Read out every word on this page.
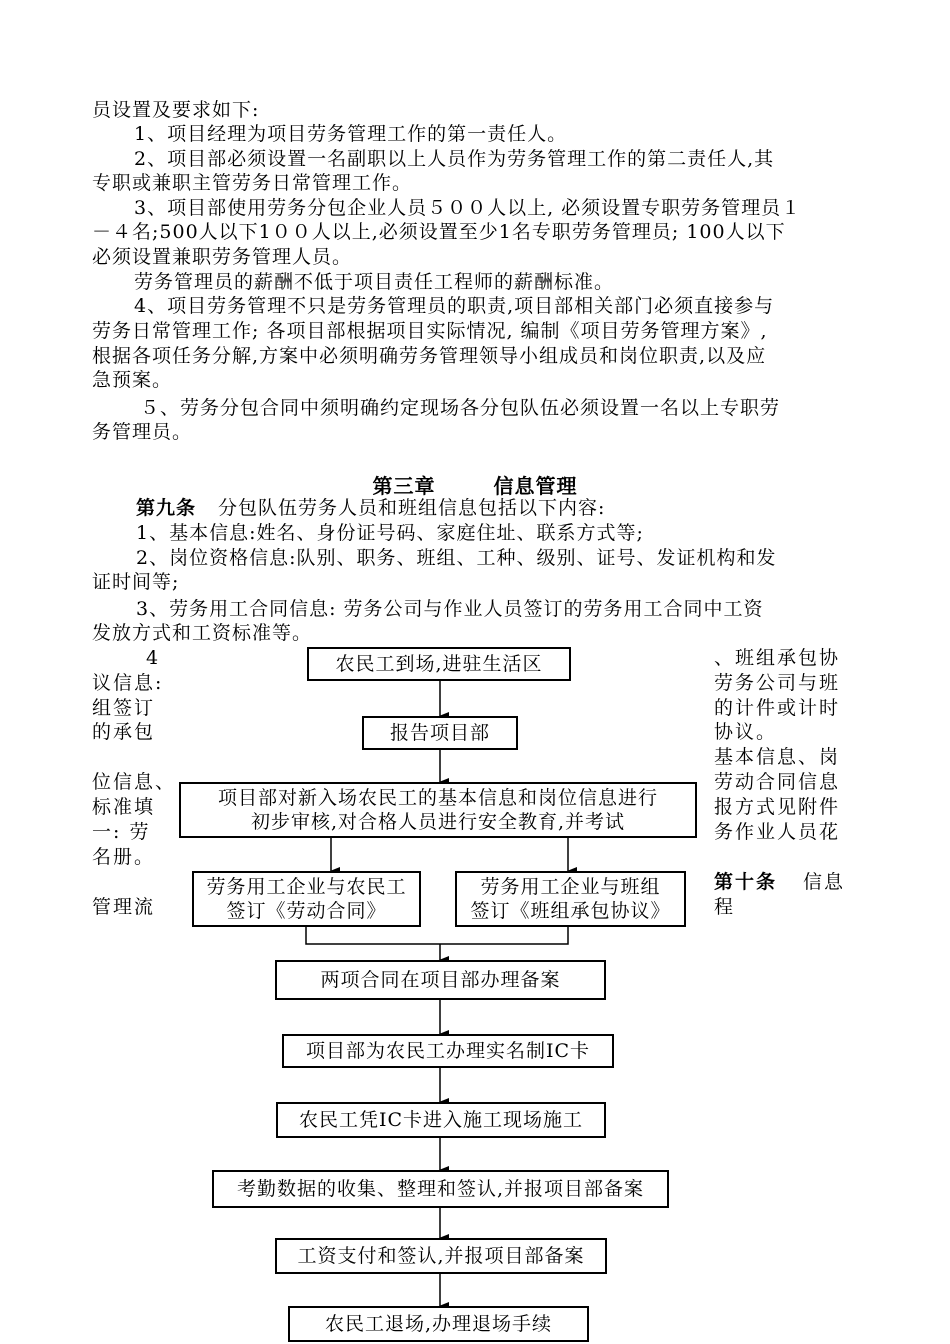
员设置及要求如下:
1、项目经理为项目劳务管理工作的第一责任人。
2、项目部必须设置一名副职以上人员作为劳务管理工作的第二责任人,其
专职或兼职主管劳务日常管理工作。
3、项目部使用劳务分包企业人员５００人以上, 必须设置专职劳务管理员１
－４名;500人以下1００人以上,必须设置至少1名专职劳务管理员; 100人以下
必须设置兼职劳务管理人员。
劳务管理员的薪酬不低于项目责任工程师的薪酬标准。
4、项目劳务管理不只是劳务管理员的职责,项目部相关部门必须直接参与
劳务日常管理工作; 各项目部根据项目实际情况, 编制《项目劳务管理方案》,
根据各项任务分解,方案中必须明确劳务管理领导小组成员和岗位职责,以及应
急预案。
５、劳务分包合同中须明确约定现场各分包队伍必须设置一名以上专职劳
务管理员。
第三章	信息管理
第九条 分包队伍劳务人员和班组信息包括以下内容:
1、基本信息:姓名、身份证号码、家庭住址、联系方式等;
2、岗位资格信息:队别、职务、班组、工种、级别、证号、发证机构和发
证时间等;
3、劳务用工合同信息: 劳务公司与作业人员签订的劳务用工合同中工资
发放方式和工资标准等。
4
议信息:
组签订
的承包
位信息、
标准填
一: 劳
名册。
管理流
、班组承包协
劳务公司与班
的计件或计时
协议。
基本信息、岗
劳动合同信息
报方式见附件
务作业人员花
第十条 信息
程
农民工到场,进驻生活区
报告项目部
项目部对新入场农民工的基本信息和岗位信息进行
初步审核,对合格人员进行安全教育,并考试
劳务用工企业与农民工
签订《劳动合同》
劳务用工企业与班组
签订《班组承包协议》
两项合同在项目部办理备案
项目部为农民工办理实名制IC卡
农民工凭IC卡进入施工现场施工
考勤数据的收集、整理和签认,并报项目部备案
工资支付和签认,并报项目部备案
农民工退场,办理退场手续
